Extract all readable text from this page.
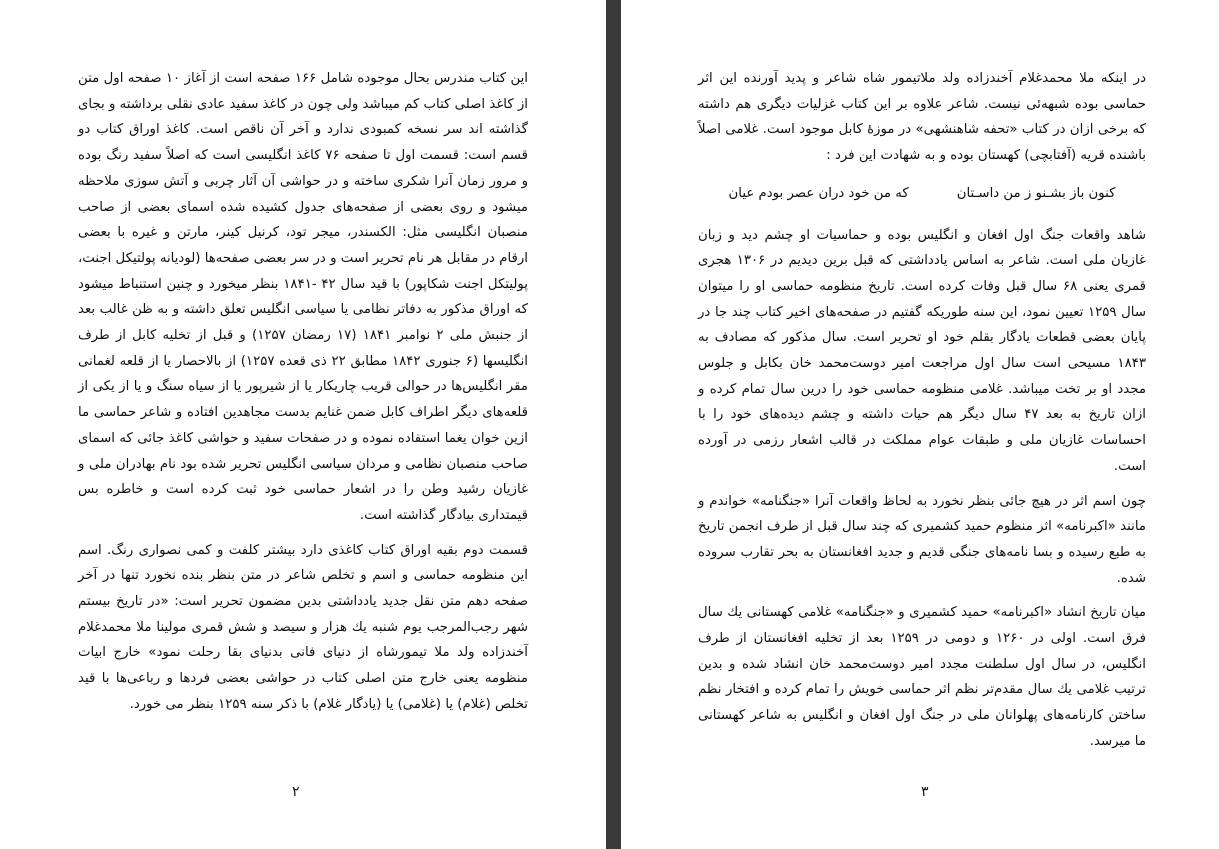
این کتاب مندرس بحال موجوده شامل ۱۶۶ صفحه است از آغاز ۱۰ صفحه اول متن از کاغذ اصلی کتاب کم میباشد ولی چون در کاغذ سفید عادی نقلی برداشته و بجای گذاشته اند سر نسخه کمبودی ندارد و آخر آن ناقص است. کاغذ اوراق کتاب دو قسم است: قسمت اول تا صفحه ۷۶ کاغذ انگلیسی است که اصلاً سفید رنگ بوده و مرور زمان آنرا شکری ساخته و در حواشی آن آثار چربی و آتش سوزی ملاحظه میشود و روی بعضی از صفحه‌های جدول کشیده شده اسمای بعضی از صاحب منصبان انگلیسی مثل: الکسندر، میجر تود، کرنیل کینر، مارتن و غیره با بعضی ارقام در مقابل هر نام تحریر است و در سر بعضی صفحه‌ها (لودیانه پولتیکل اجنت، پولیتکل اجنت شکاپور) با قید سال ۴۲ -۱۸۴۱ بنظر میخورد و چنین استنباط میشود که اوراق مذکور به دفاتر نظامی یا سیاسی انگلیس تعلق داشته و به ظن غالب بعد از جنبش ملی ۲ نوامبر ۱۸۴۱ (۱۷ رمضان ۱۲۵۷) و قبل از تخلیه کابل از طرف انگلیسها (۶ جنوری ۱۸۴۲ مطابق ۲۲ ذی قعده ۱۲۵۷) از بالاحصار یا از قلعه لغمانی مقر انگلیس‌ها در حوالی قریب چاریکار یا از شیرپور یا از سیاه سنگ و یا از یکی از قلعه‌های دیگر اطراف کابل ضمن غنایم بدست مجاهدین افتاده و شاعر حماسی ما ازین خوان یغما استفاده نموده و در صفحات سفید و حواشی کاغذ جائی که اسمای صاحب منصبان نظامی و مردان سیاسی انگلیس تحریر شده بود نام بهادران ملی و غازیان رشید وطن را در اشعار حماسی خود ثبت کرده است و خاطره بس قیمتداری بیادگار گذاشته است.

قسمت دوم بقیه اوراق کتاب کاغذی دارد بیشتر کلفت و کمی نصواری رنگ. اسم این منظومه حماسی و اسم و تخلص شاعر در متن بنظر بنده نخورد تنها در آخر صفحه دهم متن نقل جدید یادداشتی بدین مضمون تحریر است: «در تاریخ بیستم شهر رجب‌المرجب یوم شنبه یك هزار و سیصد و شش قمری مولینا ملا محمدغلام آخندزاده ولد ملا تیمورشاه از دنیای فانی بدنیای بقا رحلت نمود» خارج ابیات منظومه یعنی خارج متن اصلی کتاب در حواشی بعضی فردها و رباعی‌ها با قید تخلص (غلام) یا (غلامی) یا (یادگار غلام) با ذکر سنه ۱۲۵۹ بنظر می خورد.

۲

در اینکه ملا محمدغلام آخندزاده ولد ملاتیمور شاه شاعر و پدید آورنده این اثر حماسی بوده شبهه‌ئی نیست. شاعر علاوه بر این کتاب غزلیات دیگری هم داشته که برخی ازان در کتاب «تحفه شاهنشهی» در موزهٔ کابل موجود است. غلامی اصلاً باشنده قریه (آفتابچی) کهستان بوده و به شهادت این فرد :

کنون باز بشـنو ز من داسـتان
که من خود دران عصر بودم عیان

شاهد واقعات جنگ اول افغان و انگلیس بوده و حماسیات او چشم دید و زبان غازیان ملی است. شاعر به اساس یادداشتی که قبل برین دیدیم در ۱۳۰۶ هجری قمری یعنی ۶۸ سال قبل وفات کرده است. تاریخ منظومه حماسی او را میتوان سال ۱۲۵۹ تعیین نمود، این سنه طوریکه گفتیم در صفحه‌های اخیر کتاب چند جا در پایان بعضی قطعات یادگار بقلم خود او تحریر است. سال مذکور که مصادف به ۱۸۴۳ مسیحی است سال اول مراجعت امیر دوست‌محمد خان بکابل و جلوس مجدد او بر تخت میباشد. غلامی منظومه حماسی خود را درین سال تمام کرده و ازان تاریخ به بعد ۴۷ سال دیگر هم حیات داشته و چشم دیده‌های خود را با احساسات غازیان ملی و طبقات عوام مملکت در قالب اشعار رزمی در آورده است.

چون اسم اثر در هیچ جائی بنظر نخورد به لحاظ واقعات آنرا «جنگنامه» خواندم و مانند «اکبرنامه» اثر منظوم حمید کشمیری که چند سال قبل از طرف انجمن تاریخ به طبع رسیده و بسا نامه‌های جنگی قدیم و جدید افغانستان به بحر تقارب سروده شده.

میان تاریخ انشاد «اکبرنامه» حمید کشمیری و «جنگنامه» غلامی کهستانی یك سال فرق است. اولی در ۱۲۶۰ و دومی در ۱۲۵۹ بعد از تخلیه افغانستان از طرف انگلیس، در سال اول سلطنت مجدد امیر دوست‌محمد خان انشاد شده و بدین ترتیب غلامی یك سال مقدم‌تر نظم اثر حماسی خویش را تمام کرده و افتخار نظم ساختن کارنامه‌های پهلوانان ملی در جنگ اول افغان و انگلیس به شاعر کهستانی ما میرسد.

۳
